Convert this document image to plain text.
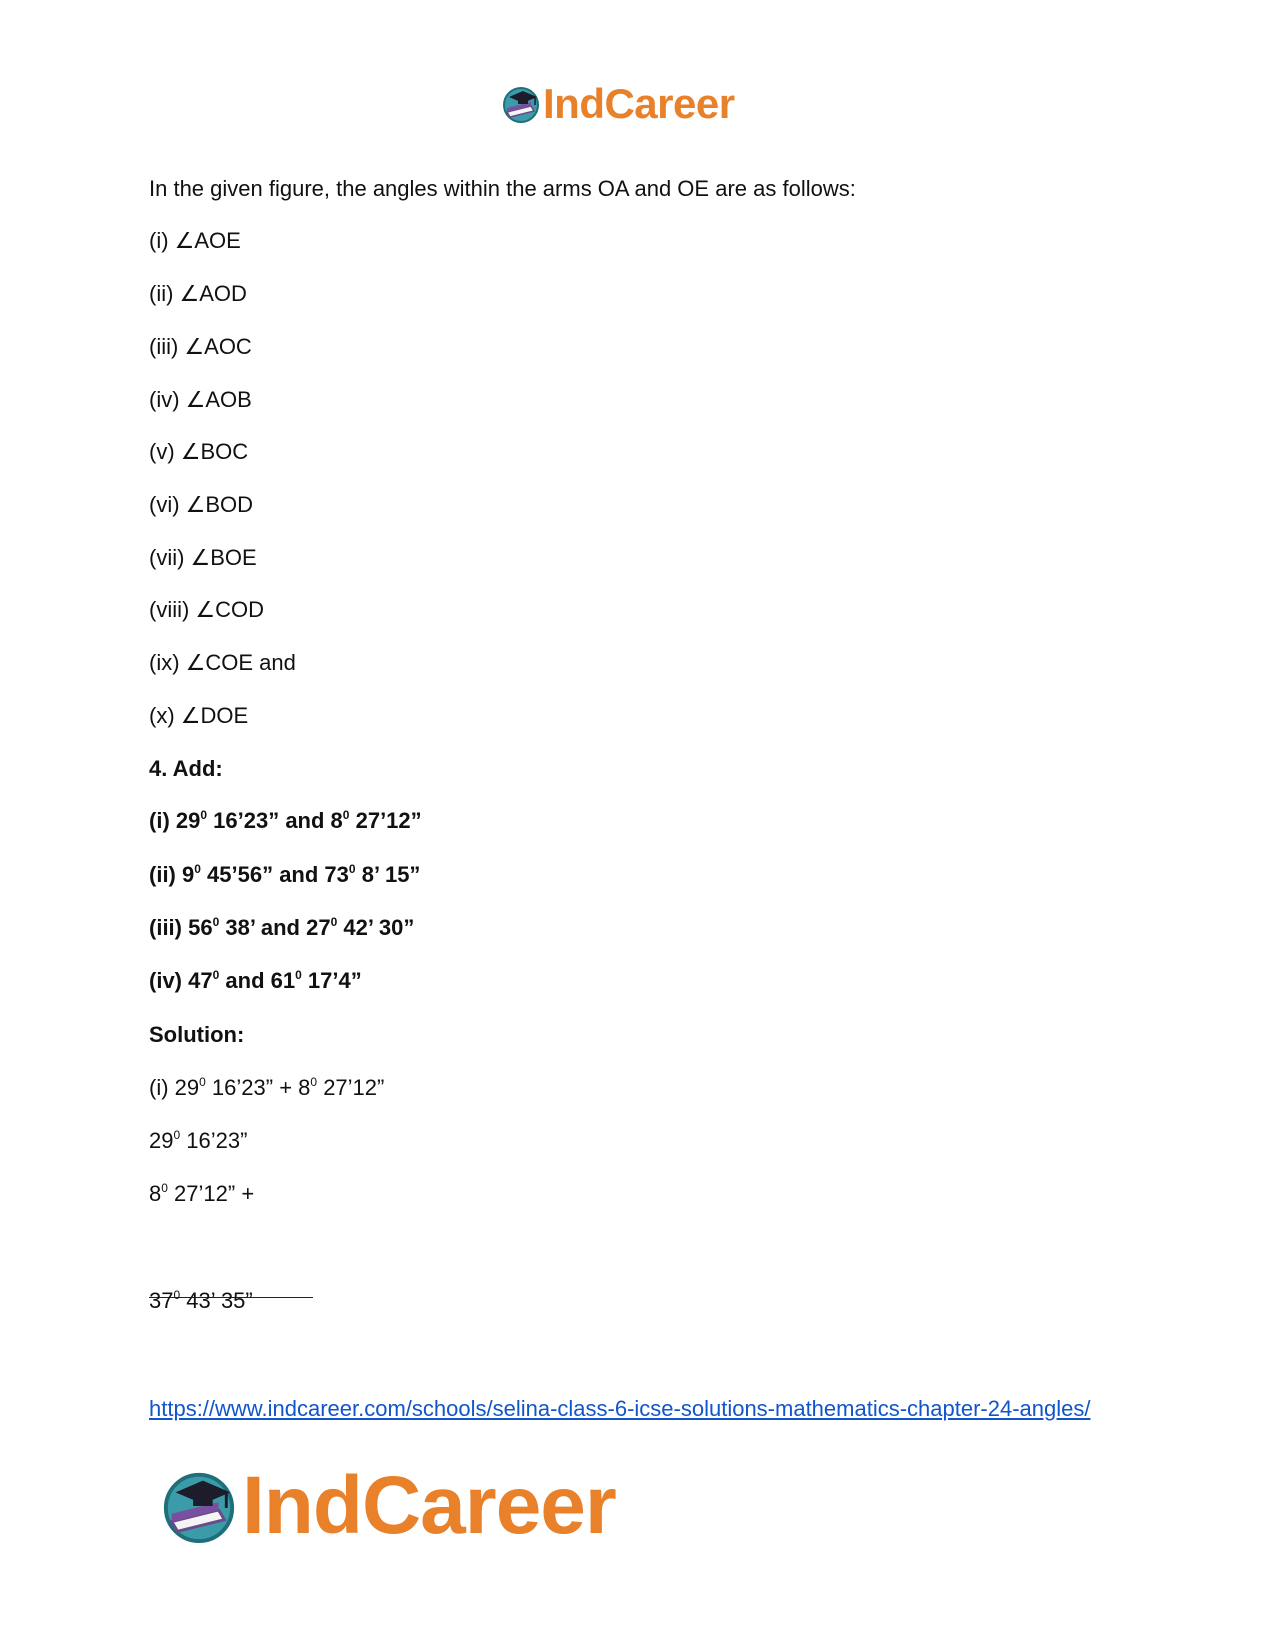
IndCareer
In the given figure, the angles within the arms OA and OE are as follows:
(i) ∠AOE
(ii) ∠AOD
(iii) ∠AOC
(iv) ∠AOB
(v) ∠BOC
(vi) ∠BOD
(vii) ∠BOE
(viii) ∠COD
(ix) ∠COE and
(x) ∠DOE
4. Add:
(i) $29^0$ 16’23” and $8^0$ 27’12”
(ii) $9^0$ 45’56” and $73^0$ 8’ 15”
(iii) $56^0$ 38’ and $27^0$ 42’ 30”
(iv) $47^0$ and $61^0$ 17’4”
Solution:
(i) $29^0$ 16’23” + $8^0$ 27’12”
$29^0$ 16’23”
$8^0$ 27’12” +
$37^0$ 43’ 35”
https://www.indcareer.com/schools/selina-class-6-icse-solutions-mathematics-chapter-24-angles/
IndCareer
